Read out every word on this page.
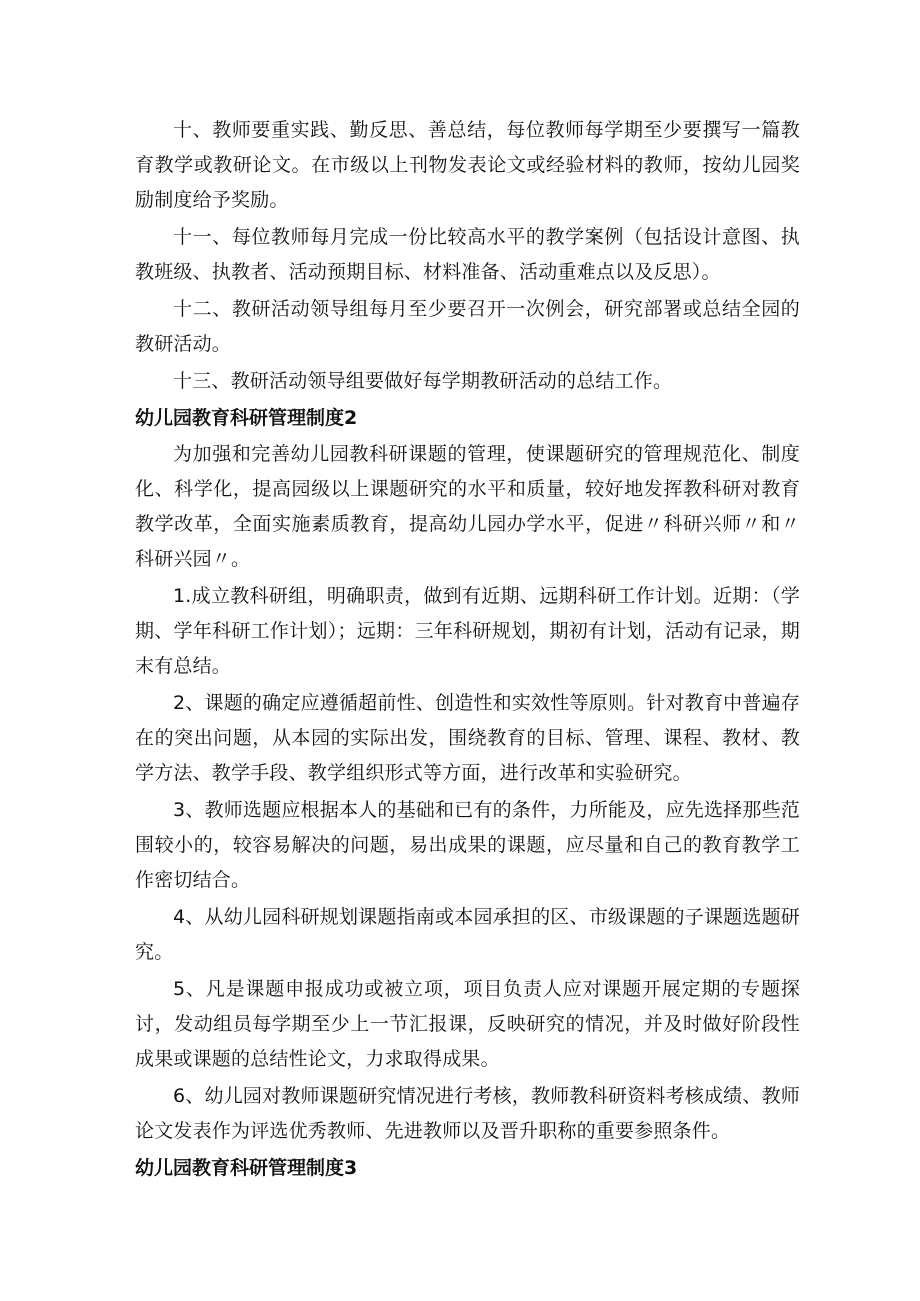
十、教师要重实践、勤反思、善总结，每位教师每学期至少要撰写一篇教育教学或教研论文。在市级以上刊物发表论文或经验材料的教师，按幼儿园奖励制度给予奖励。

十一、每位教师每月完成一份比较高水平的教学案例（包括设计意图、执教班级、执教者、活动预期目标、材料准备、活动重难点以及反思）。

十二、教研活动领导组每月至少要召开一次例会，研究部署或总结全园的教研活动。

十三、教研活动领导组要做好每学期教研活动的总结工作。

幼儿园教育科研管理制度2

为加强和完善幼儿园教科研课题的管理，使课题研究的管理规范化、制度化、科学化，提高园级以上课题研究的水平和质量，较好地发挥教科研对教育教学改革，全面实施素质教育，提高幼儿园办学水平，促进〃科研兴师〃和〃科研兴园〃。

1.成立教科研组，明确职责，做到有近期、远期科研工作计划。近期：（学期、学年科研工作计划）；远期：三年科研规划，期初有计划，活动有记录，期末有总结。

2、课题的确定应遵循超前性、创造性和实效性等原则。针对教育中普遍存在的突出问题，从本园的实际出发，围绕教育的目标、管理、课程、教材、教学方法、教学手段、教学组织形式等方面，进行改革和实验研究。

3、教师选题应根据本人的基础和已有的条件，力所能及，应先选择那些范围较小的，较容易解决的问题，易出成果的课题，应尽量和自己的教育教学工作密切结合。

4、从幼儿园科研规划课题指南或本园承担的区、市级课题的子课题选题研究。

5、凡是课题申报成功或被立项，项目负责人应对课题开展定期的专题探讨，发动组员每学期至少上一节汇报课，反映研究的情况，并及时做好阶段性成果或课题的总结性论文，力求取得成果。

6、幼儿园对教师课题研究情况进行考核，教师教科研资料考核成绩、教师论文发表作为评选优秀教师、先进教师以及晋升职称的重要参照条件。

幼儿园教育科研管理制度3
